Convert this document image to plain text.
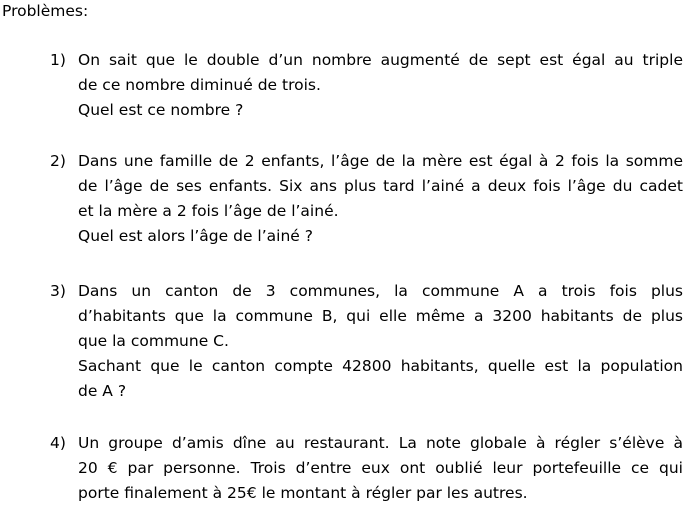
Problèmes:
1) On sait que le double d’un nombre augmenté de sept est égal au triple
de ce nombre diminué de trois.
Quel est ce nombre ?
2) Dans une famille de 2 enfants, l’âge de la mère est égal à 2 fois la somme
de l’âge de ses enfants. Six ans plus tard l’ainé a deux fois l’âge du cadet
et la mère a 2 fois l’âge de l’ainé.
Quel est alors l’âge de l’ainé ?
3) Dans un canton de 3 communes, la commune A a trois fois plus
d’habitants que la commune B, qui elle même a 3200 habitants de plus
que la commune C.
Sachant que le canton compte 42800 habitants, quelle est la population
de A ?
4) Un groupe d’amis dîne au restaurant. La note globale à régler s’élève à
20 € par personne. Trois d’entre eux ont oublié leur portefeuille ce qui
porte finalement à 25€ le montant à régler par les autres.
